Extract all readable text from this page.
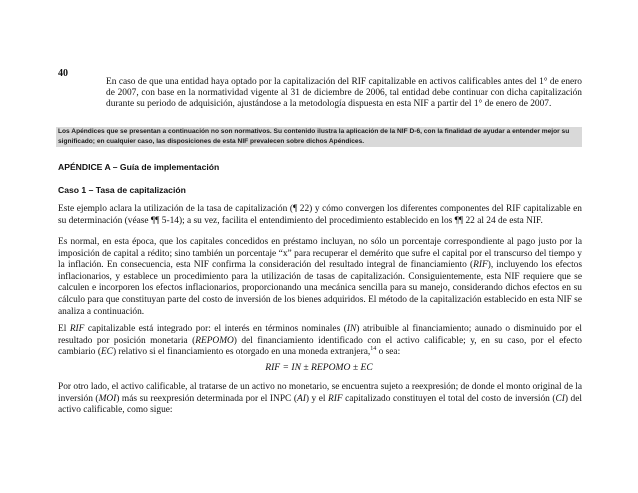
40
En caso de que una entidad haya optado por la capitalización del RIF capitalizable en activos calificables antes del 1° de enero de 2007, con base en la normatividad vigente al 31 de diciembre de 2006, tal entidad debe continuar con dicha capitalización durante su periodo de adquisición, ajustándose a la metodología dispuesta en esta NIF a partir del 1° de enero de 2007.
Los Apéndices que se presentan a continuación no son normativos. Su contenido ilustra la aplicación de la NIF D-6, con la finalidad de ayudar a entender mejor su significado; en cualquier caso, las disposiciones de esta NIF prevalecen sobre dichos Apéndices.
APÉNDICE A – Guía de implementación
Caso 1 – Tasa de capitalización
Este ejemplo aclara la utilización de la tasa de capitalización (¶ 22) y cómo convergen los diferentes componentes del RIF capitalizable en su determinación (véase ¶¶ 5-14); a su vez, facilita el entendimiento del procedimiento establecido en los ¶¶ 22 al 24 de esta NIF.
Es normal, en esta época, que los capitales concedidos en préstamo incluyan, no sólo un porcentaje correspondiente al pago justo por la imposición de capital a rédito; sino también un porcentaje “x” para recuperar el demérito que sufre el capital por el transcurso del tiempo y la inflación. En consecuencia, esta NIF confirma la consideración del resultado integral de financiamiento (RIF), incluyendo los efectos inflacionarios, y establece un procedimiento para la utilización de tasas de capitalización. Consiguientemente, esta NIF requiere que se calculen e incorporen los efectos inflacionarios, proporcionando una mecánica sencilla para su manejo, considerando dichos efectos en su cálculo para que constituyan parte del costo de inversión de los bienes adquiridos. El método de la capitalización establecido en esta NIF se analiza a continuación.
El RIF capitalizable está integrado por: el interés en términos nominales (IN) atribuible al financiamiento; aunado o disminuido por el resultado por posición monetaria (REPOMO) del financiamiento identificado con el activo calificable; y, en su caso, por el efecto cambiario (EC) relativo si el financiamiento es otorgado en una moneda extranjera,$^{14}$ o sea:
RIF = IN ± REPOMO ± EC
Por otro lado, el activo calificable, al tratarse de un activo no monetario, se encuentra sujeto a reexpresión; de donde el monto original de la inversión (MOI) más su reexpresión determinada por el INPC (AI) y el RIF capitalizado constituyen el total del costo de inversión (CI) del activo calificable, como sigue:
